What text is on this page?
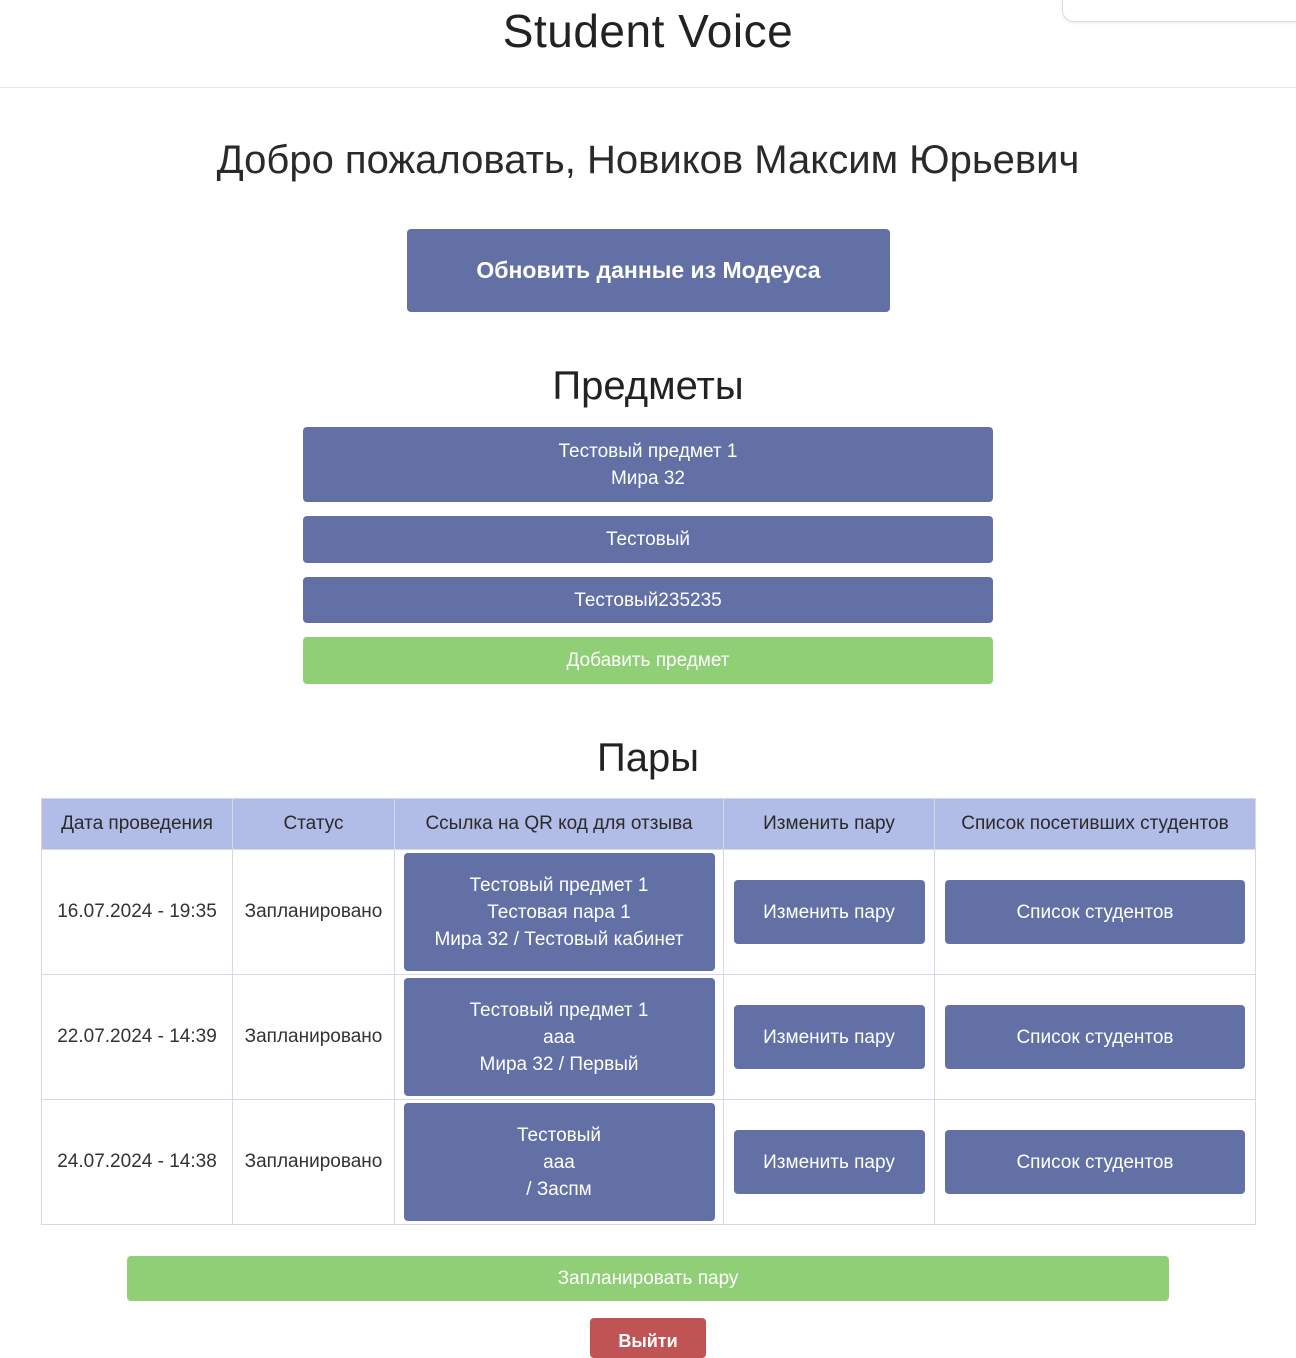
Student Voice
Добро пожаловать, Новиков Максим Юрьевич
Обновить данные из Модеуса
Предметы
Тестовый предмет 1
Мира 32
Тестовый
Тестовый235235
Добавить предмет
Пары
Дата проведения	Статус	Ссылка на QR код для отзыва	Изменить пару	Список посетивших студентов
16.07.2024 - 19:35	Запланировано	Тестовый предмет 1
Тестовая пара 1
Мира 32 / Тестовый кабинет	Изменить пару	Список студентов

22.07.2024 - 14:39	Запланировано	Тестовый предмет 1
aaa
Мира 32 / Первый	Изменить пару	Список студентов

24.07.2024 - 14:38	Запланировано	Тестовый
aaa
/ Заспм	Изменить пару	Список студентов
Запланировать пару
Выйти
